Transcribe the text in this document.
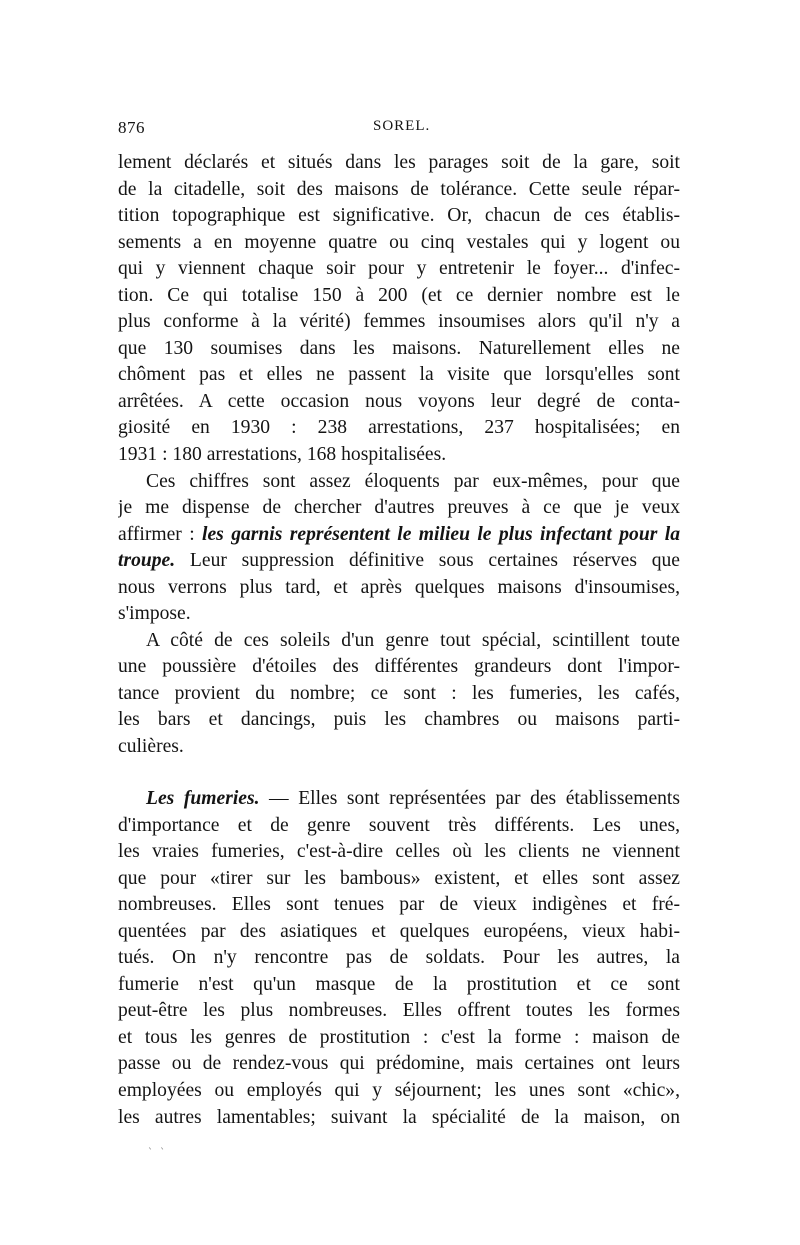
876	SOREL.
lement déclarés et situés dans les parages soit de la gare, soit
de la citadelle, soit des maisons de tolérance. Cette seule répar-
tition topographique est significative. Or, chacun de ces établis-
sements a en moyenne quatre ou cinq vestales qui y logent ou
qui y viennent chaque soir pour y entretenir le foyer... d'infec-
tion. Ce qui totalise 150 à 200 (et ce dernier nombre est le
plus conforme à la vérité) femmes insoumises alors qu'il n'y a
que 130 soumises dans les maisons. Naturellement elles ne
chôment pas et elles ne passent la visite que lorsqu'elles sont
arrêtées. A cette occasion nous voyons leur degré de conta-
giosité en 1930 : 238 arrestations, 237 hospitalisées; en
1931 : 180 arrestations, 168 hospitalisées.
Ces chiffres sont assez éloquents par eux-mêmes, pour que
je me dispense de chercher d'autres preuves à ce que je veux
affirmer : les garnis représentent le milieu le plus infectant pour la
troupe. Leur suppression définitive sous certaines réserves que
nous verrons plus tard, et après quelques maisons d'insoumises,
s'impose.
A côté de ces soleils d'un genre tout spécial, scintillent toute
une poussière d'étoiles des différentes grandeurs dont l'impor-
tance provient du nombre; ce sont : les fumeries, les cafés,
les bars et dancings, puis les chambres ou maisons parti-
culières.
Les fumeries. — Elles sont représentées par des établissements
d'importance et de genre souvent très différents. Les unes,
les vraies fumeries, c'est-à-dire celles où les clients ne viennent
que pour «tirer sur les bambous» existent, et elles sont assez
nombreuses. Elles sont tenues par de vieux indigènes et fré-
quentées par des asiatiques et quelques européens, vieux habi-
tués. On n'y rencontre pas de soldats. Pour les autres, la
fumerie n'est qu'un masque de la prostitution et ce sont
peut-être les plus nombreuses. Elles offrent toutes les formes
et tous les genres de prostitution : c'est la forme : maison de
passe ou de rendez-vous qui prédomine, mais certaines ont leurs
employées ou employés qui y séjournent; les unes sont «chic»,
les autres lamentables; suivant la spécialité de la maison, on
` `
